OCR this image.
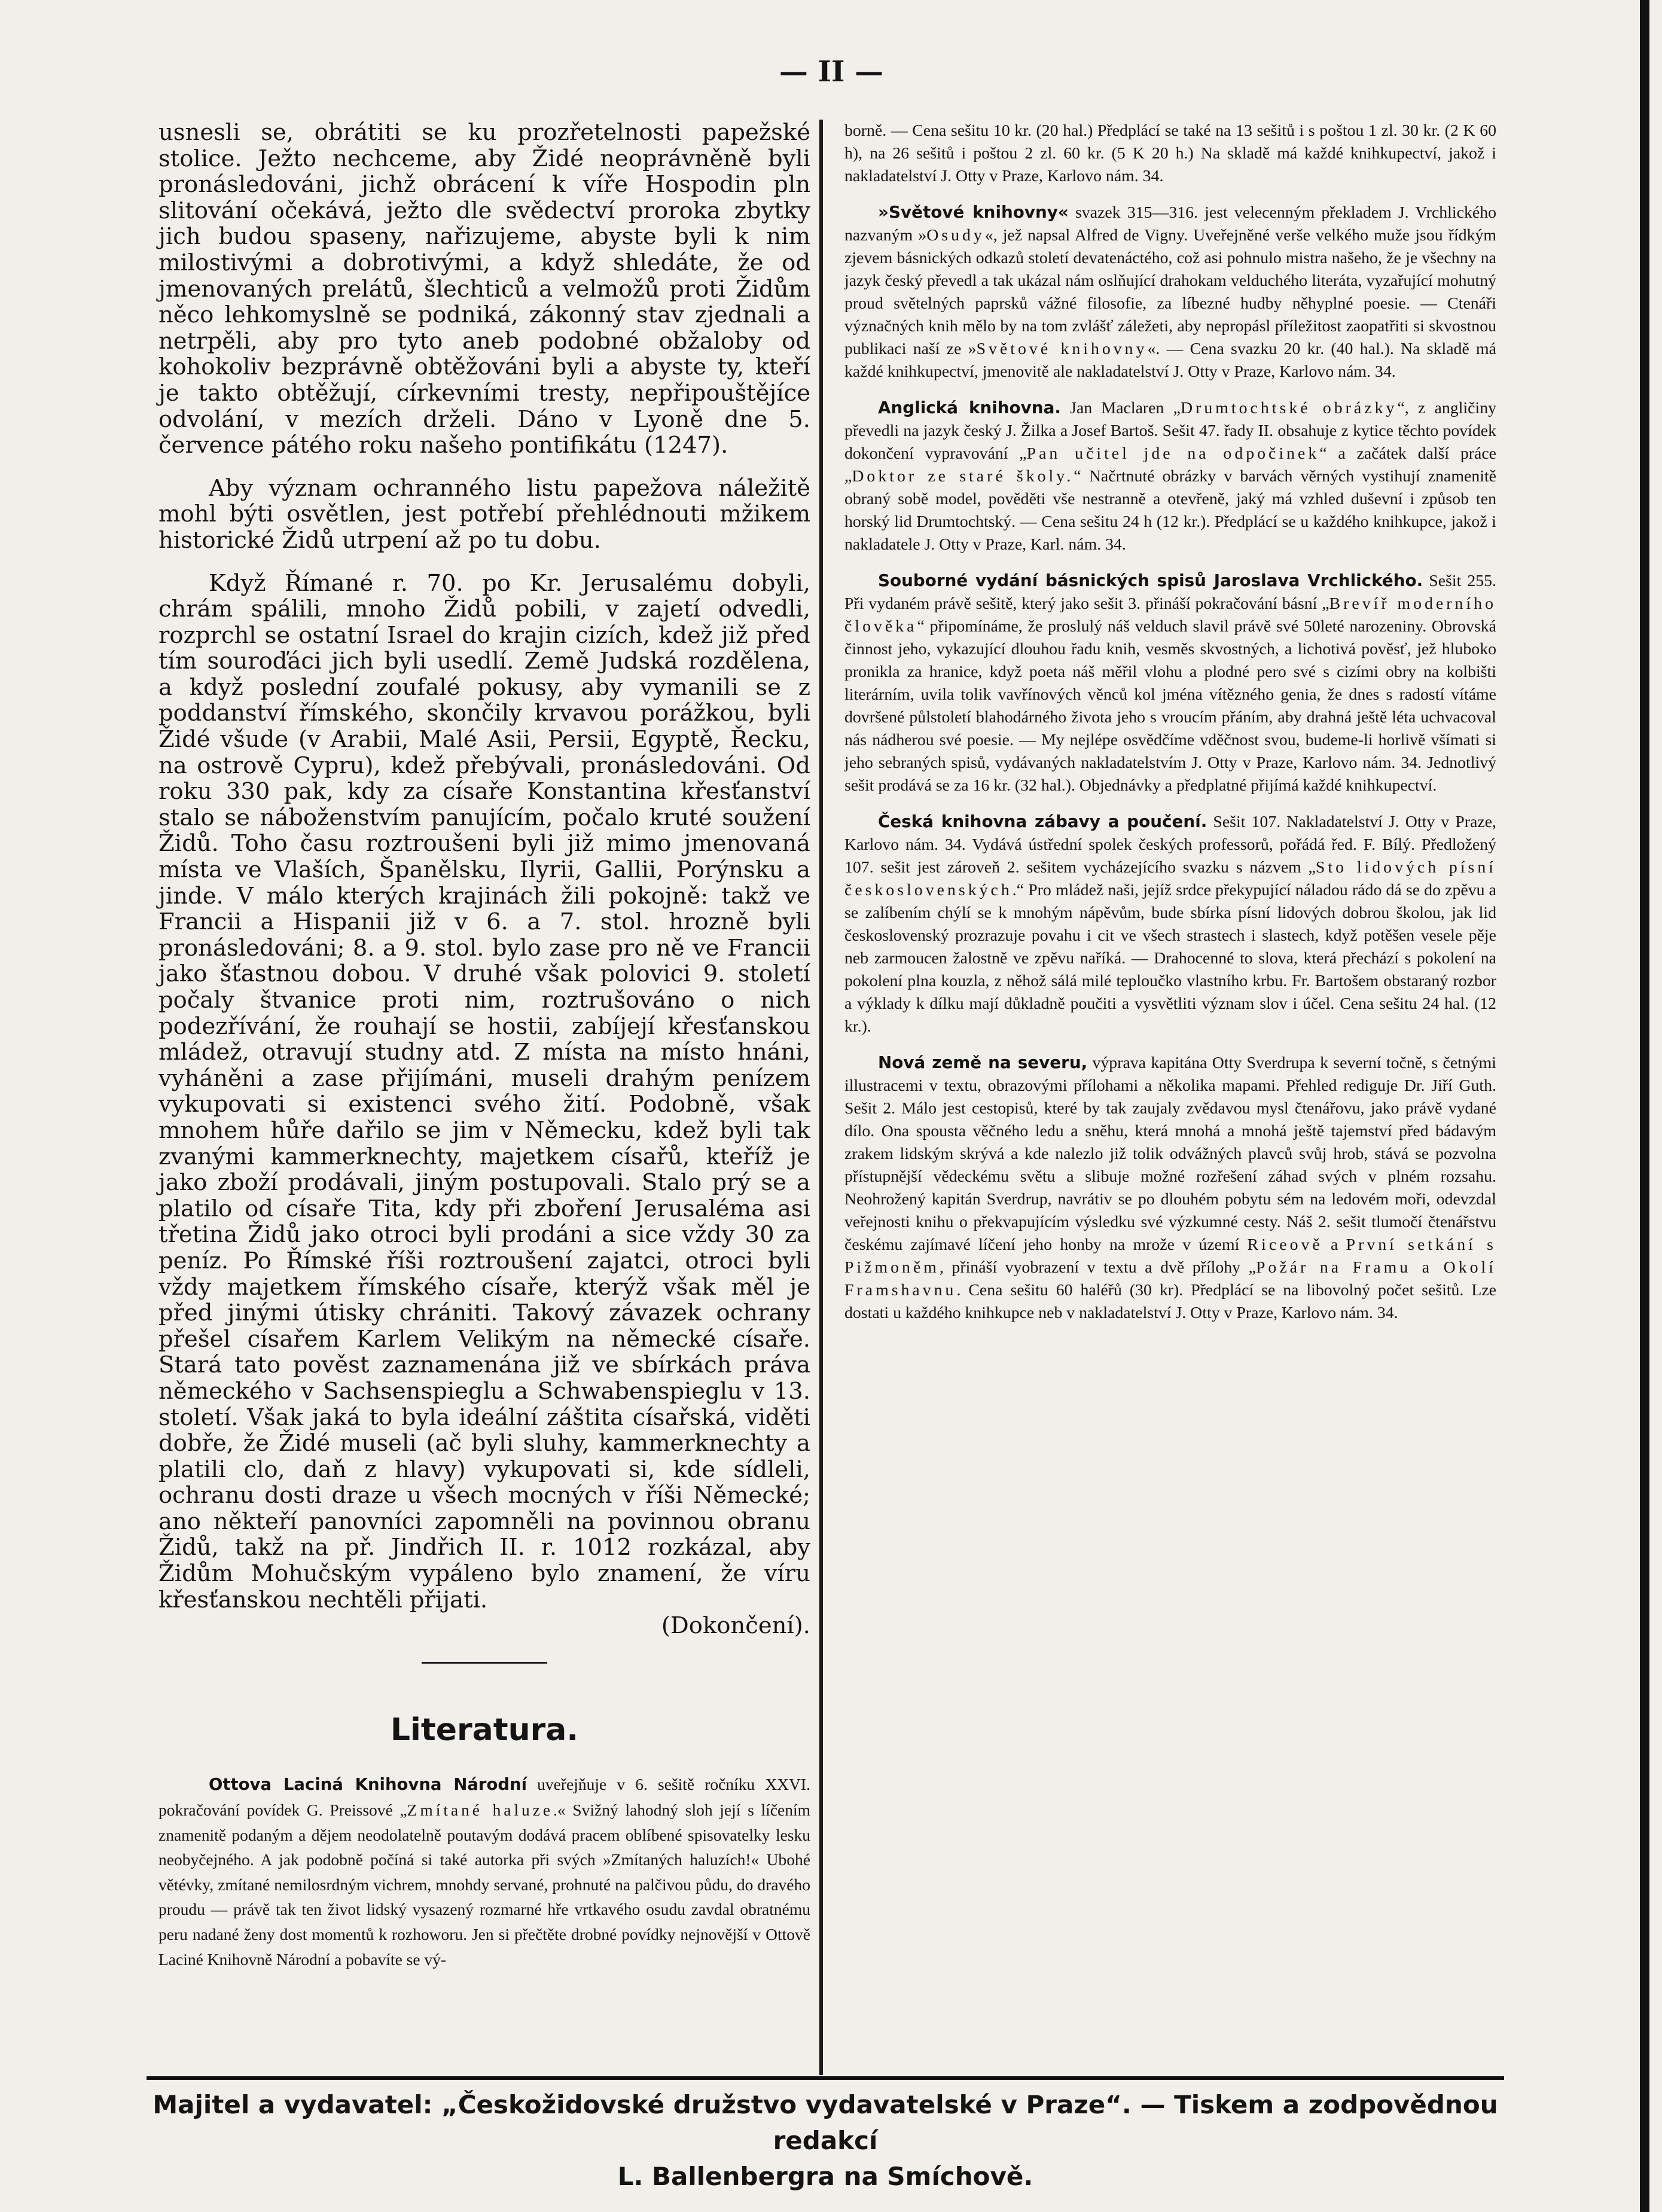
— II —

usnesli se, obrátiti se ku prozřetelnosti papežské stolice. Ježto nechceme, aby Židé neoprávněně byli pronásledováni, jichž obrácení k víře Hospodin pln slitování očekává, ježto dle svědectví proroka zbytky jich budou spaseny, nařizujeme, abyste byli k nim milostivými a dobrotivými, a když shledáte, že od jmenovaných prelátů, šlechticů a velmožů proti Židům něco lehkomyslně se podniká, zákonný stav zjednali a netrpěli, aby pro tyto aneb podobné obžaloby od kohokoliv bezprávně obtěžováni byli a abyste ty, kteří je takto obtěžují, církevními tresty, nepřipouštějíce odvolání, v mezích drželi. Dáno v Lyoně dne 5. července pátého roku našeho pontifikátu (1247).

Aby význam ochranného listu papežova náležitě mohl býti osvětlen, jest potřebí přehlédnouti mžikem historické Židů utrpení až po tu dobu.

Když Římané r. 70. po Kr. Jerusalému dobyli, chrám spálili, mnoho Židů pobili, v zajetí odvedli, rozprchl se ostatní Israel do krajin cizích, kdež již před tím souroďáci jich byli usedlí. Země Judská rozdělena, a když poslední zoufalé pokusy, aby vymanili se z poddanství římského, skončily krvavou porážkou, byli Židé všude (v Arabii, Malé Asii, Persii, Egyptě, Řecku, na ostrově Cypru), kdež přebývali, pronásledováni. Od roku 330 pak, kdy za císaře Konstantina křesťanství stalo se náboženstvím panujícím, počalo kruté soužení Židů. Toho času roztroušeni byli již mimo jmenovaná místa ve Vlaších, Španělsku, Ilyrii, Gallii, Porýnsku a jinde. V málo kterých krajinách žili pokojně: takž ve Francii a Hispanii již v 6. a 7. stol. hrozně byli pronásledováni; 8. a 9. stol. bylo zase pro ně ve Francii jako šťastnou dobou. V druhé však polovici 9. století počaly štvanice proti nim, roztrušováno o nich podezřívání, že rouhají se hostii, zabíjejí křesťanskou mládež, otravují studny atd. Z místa na místo hnáni, vyháněni a zase přijímáni, museli drahým penízem vykupovati si existenci svého žití. Podobně, však mnohem hůře dařilo se jim v Německu, kdež byli tak zvanými kammerknechty, majetkem císařů, kteříž je jako zboží prodávali, jiným postupovali. Stalo prý se a platilo od císaře Tita, kdy při zboření Jerusaléma asi třetina Židů jako otroci byli prodáni a sice vždy 30 za peníz. Po Římské říši roztroušení zajatci, otroci byli vždy majetkem římského císaře, kterýž však měl je před jinými útisky chrániti. Takový závazek ochrany přešel císařem Karlem Velikým na německé císaře. Stará tato pověst zaznamenána již ve sbírkách práva německého v Sachsenspieglu a Schwabenspieglu v 13. století. Však jaká to byla ideální záštita císařská, viděti dobře, že Židé museli (ač byli sluhy, kammerknechty a platili clo, daň z hlavy) vykupovati si, kde sídleli, ochranu dosti draze u všech mocných v říši Německé; ano někteří panovníci zapomněli na povinnou obranu Židů, takž na př. Jindřich II. r. 1012 rozkázal, aby Židům Mohučským vypáleno bylo znamení, že víru křesťanskou nechtěli přijati.

(Dokončení).

Literatura.

Ottova Laciná Knihovna Národní uveřejňuje v 6. sešitě ročníku XXVI. pokračování povídek G. Preissové „Zmítané haluze.« Svižný lahodný sloh její s líčením znamenitě podaným a dějem neodolatelně poutavým dodává pracem oblíbené spisovatelky lesku neobyčejného. A jak podobně počíná si také autorka při svých »Zmítaných haluzích!« Ubohé větévky, zmítané nemilosrdným vichrem, mnohdy servané, prohnuté na palčivou půdu, do dravého proudu — právě tak ten život lidský vysazený rozmarné hře vrtkavého osudu zavdal obratnému peru nadané ženy dost momentů k rozhoworu. Jen si přečtěte drobné povídky nejnovější v Ottově Laciné Knihovně Národní a pobavíte se vý-

borně. — Cena sešitu 10 kr. (20 hal.) Předplácí se také na 13 sešitů i s poštou 1 zl. 30 kr. (2 K 60 h), na 26 sešitů i poštou 2 zl. 60 kr. (5 K 20 h.) Na skladě má každé knihkupectví, jakož i nakladatelství J. Otty v Praze, Karlovo nám. 34.

»Světové knihovny« svazek 315—316. jest velecenným překladem J. Vrchlického nazvaným »Osudy«, jež napsal Alfred de Vigny. Uveřejněné verše velkého muže jsou řídkým zjevem básnických odkazů století devatenáctého, což asi pohnulo mistra našeho, že je všechny na jazyk český převedl a tak ukázal nám oslňující drahokam velduchého literáta, vyzařující mohutný proud světelných paprsků vážné filosofie, za líbezné hudby něhyplné poesie. — Ctenáři význačných knih mělo by na tom zvlášť záležeti, aby nepropásl příležitost zaopatřiti si skvostnou publikaci naší ze »Světové knihovny«. — Cena svazku 20 kr. (40 hal.). Na skladě má každé knihkupectví, jmenovitě ale nakladatelství J. Otty v Praze, Karlovo nám. 34.

Anglická knihovna. Jan Maclaren „Drumtochtské obrázky“, z angličiny převedli na jazyk český J. Žilka a Josef Bartoš. Sešit 47. řady II. obsahuje z kytice těchto povídek dokončení vypravování „Pan učitel jde na odpočinek“ a začátek další práce „Doktor ze staré školy.“ Načrtnuté obrázky v barvách věrných vystihují znamenitě obraný sobě model, pověděti vše nestranně a otevřeně, jaký má vzhled duševní i způsob ten horský lid Drumtochtský. — Cena sešitu 24 h (12 kr.). Předplácí se u každého knihkupce, jakož i nakladatele J. Otty v Praze, Karl. nám. 34.

Souborné vydání básnických spisů Jaroslava Vrchlického. Sešit 255. Při vydaném právě sešitě, který jako sešit 3. přináší pokračování básní „Brevíř moderního člověka“ připomínáme, že proslulý náš velduch slavil právě své 50leté narozeniny. Obrovská činnost jeho, vykazující dlouhou řadu knih, vesměs skvostných, a lichotivá pověsť, jež hluboko pronikla za hranice, když poeta náš měřil vlohu a plodné pero své s cizími obry na kolbišti literárním, uvila tolik vavřínových věnců kol jména vítězného genia, že dnes s radostí vítáme dovršené půlstoletí blahodárného života jeho s vroucím přáním, aby drahná ještě léta uchvacoval nás nádherou své poesie. — My nejlépe osvědčíme vděčnost svou, budeme-li horlivě všímati si jeho sebraných spisů, vydávaných nakladatelstvím J. Otty v Praze, Karlovo nám. 34. Jednotlivý sešit prodává se za 16 kr. (32 hal.). Objednávky a předplatné přijímá každé knihkupectví.

Česká knihovna zábavy a poučení. Sešit 107. Nakladatelství J. Otty v Praze, Karlovo nám. 34. Vydává ústřední spolek českých professorů, pořádá řed. F. Bílý. Předložený 107. sešit jest zároveň 2. sešitem vycházejícího svazku s názvem „Sto lidových písní československých.“ Pro mládež naši, jejíž srdce překypující náladou rádo dá se do zpěvu a se zalíbením chýlí se k mnohým nápěvům, bude sbírka písní lidových dobrou školou, jak lid československý prozrazuje povahu i cit ve všech strastech i slastech, když potěšen vesele pěje neb zarmoucen žalostně ve zpěvu naříká. — Drahocenné to slova, která přechází s pokolení na pokolení plna kouzla, z něhož sálá milé teploučko vlastního krbu. Fr. Bartošem obstaraný rozbor a výklady k dílku mají důkladně poučiti a vysvětliti význam slov i účel. Cena sešitu 24 hal. (12 kr.).

Nová země na severu, výprava kapitána Otty Sverdrupa k severní točně, s četnými illustracemi v textu, obrazovými přílohami a několika mapami. Přehled rediguje Dr. Jiří Guth. Sešit 2. Málo jest cestopisů, které by tak zaujaly zvědavou mysl čtenářovu, jako právě vydané dílo. Ona spousta věčného ledu a sněhu, která mnohá a mnohá ještě tajemství před bádavým zrakem lidským skrývá a kde nalezlo již tolik odvážných plavců svůj hrob, stává se pozvolna přístupnější vědeckému světu a slibuje možné rozřešení záhad svých v plném rozsahu. Neohrožený kapitán Sverdrup, navrátiv se po dlouhém pobytu sém na ledovém moři, odevzdal veřejnosti knihu o překvapujícím výsledku své výzkumné cesty. Náš 2. sešit tlumočí čtenářstvu českému zajímavé líčení jeho honby na mrože v území Riceově a První setkání s Pižmoněm, přináší vyobrazení v textu a dvě přílohy „Požár na Framu a Okolí Framshavnu. Cena sešitu 60 haléřů (30 kr). Předplácí se na libovolný počet sešitů. Lze dostati u každého knihkupce neb v nakladatelství J. Otty v Praze, Karlovo nám. 34.

Majitel a vydavatel: „Českožidovské družstvo vydavatelské v Praze“. — Tiskem a zodpovědnou redakcí
L. Ballenbergra na Smíchově.
